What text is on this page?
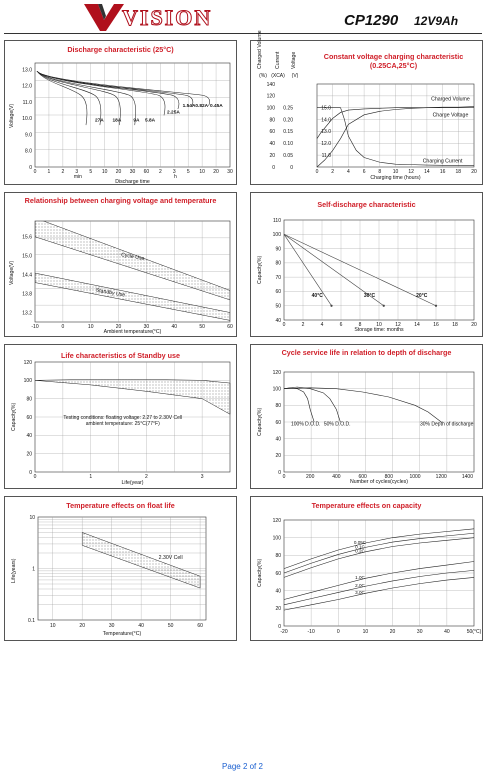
VISION	CP1290 12V9Ah
0
8.0
9.0
10.0
11.0
12.0
13.0
0 1 2 3 5 10 20 30 60 2 3 5 10 20 30
min	h
Discharge time
27A 18A	9A 5.8A
2.25A
1.54A 0.82A 0.45A
Discharge characteristic (25°C)
Voltage(V)
(%) (XCA) (V)
0
20
40
60
80
100
120
140
0
0.05
0.10
0.15
0.20
0.25
11.0
12.0
13.0
14.0
15.0
0	2	4	6	8 10 12 14 16 18 20
Charging time (hours)
Charged Volume
Charge Voltage
Charging Current
Constant voltage charging characteristic (0.25CA,25°C)
Charged Volume Current Voltage
13.2
13.8
14.4
15.0
15.6
-10	0	10	20	30	40	50	60
Ambient temperature(°C)
Cycle Use
Standby Use
Relationship between charging voltage and temperature
Voltage(V)
40
50
60
70
80
90
100
110
0	2	4	6	8	10	12	14	16	18	20
Storage time: months
40°C	30°C	20°C
Self-discharge characteristic
Capacity(%)
0
20
40
60
80
100
120
0	1	2	3
Life(year)
Testing conditions: floating voltage: 2.27 to 2.30V Cell
ambient temperature: 25°C(77°F)
Life characteristics of Standby use
Capacity(%)
0
20
40
60
80
100
120
0	200	400	600	800	1000	1200	1400
Number of cycles(cycles)
100% D.O.D. 50% D.O.D.	30% Depth of discharge
Cycle service life in relation to depth of discharge
Capacity(%)
10	20	30	40	50	60
0.1
1
10
Temperature(°C)
2.30V Cell
Temperature effects on float life
Life(years)
0
20
40
60
80
100
120
-20	-10	0	10	20	30	40	50(°C)
0.05C
0.1C
0.2C
1.0C
2.0C
3.0C
Temperature effects on capacity
Capacity(%)
Page 2 of 2
